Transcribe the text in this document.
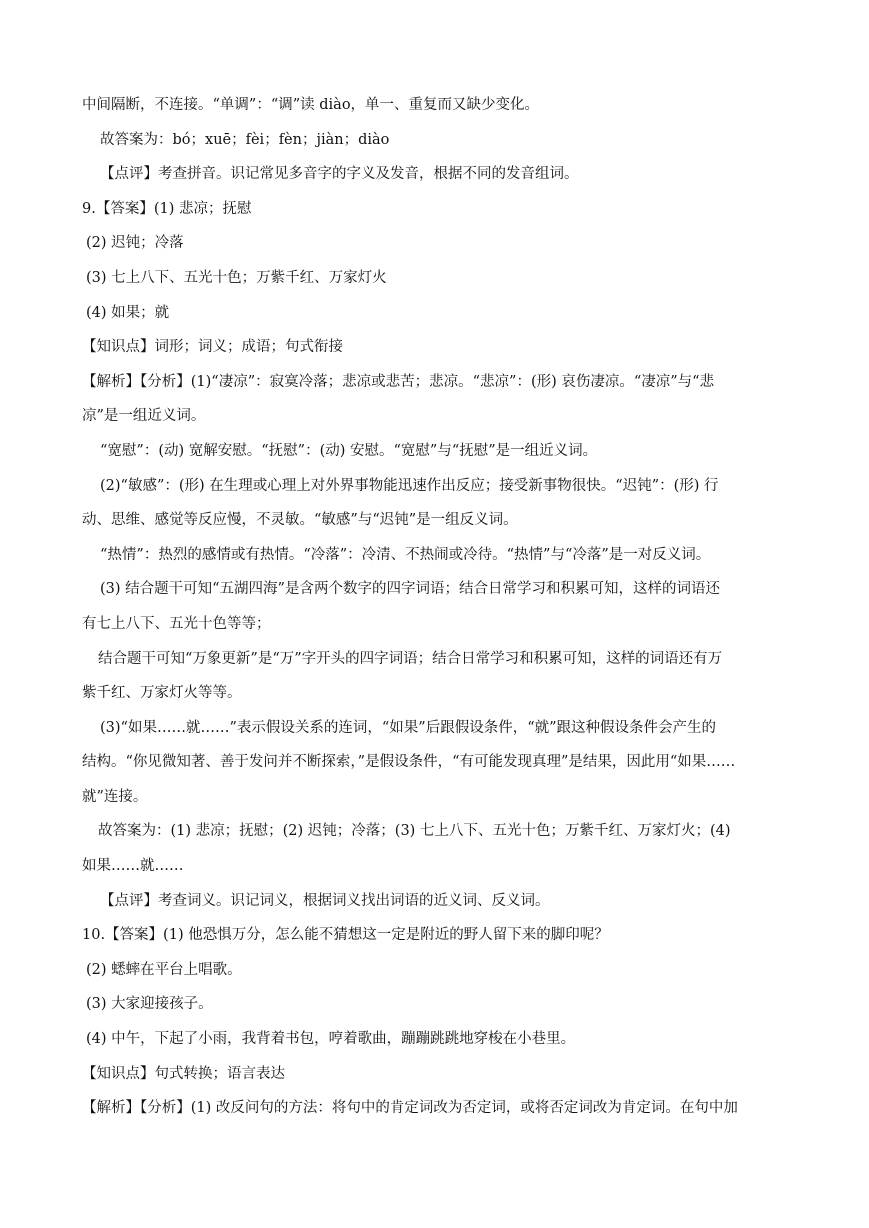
中间隔断，不连接。“单调”：“调”读 diào，单一、重复而又缺少变化。
故答案为：bó；xuē；fèi；fèn；jiàn；diào
【点评】考查拼音。识记常见多音字的字义及发音，根据不同的发音组词。
9.【答案】(1) 悲凉；抚慰
(2) 迟钝；冷落
(3) 七上八下、五光十色；万紫千红、万家灯火
(4) 如果；就
【知识点】词形；词义；成语；句式衔接
【解析】【分析】(1)“凄凉”：寂寞冷落；悲凉或悲苦；悲凉。“悲凉”：(形) 哀伤凄凉。“凄凉”与“悲
凉”是一组近义词。
“宽慰”：(动) 宽解安慰。“抚慰”：(动) 安慰。“宽慰”与“抚慰”是一组近义词。
(2)“敏感”：(形) 在生理或心理上对外界事物能迅速作出反应；接受新事物很快。“迟钝”：(形) 行
动、思维、感觉等反应慢，不灵敏。“敏感”与“迟钝”是一组反义词。
“热情”：热烈的感情或有热情。“冷落”：冷清、不热闹或冷待。“热情”与“冷落”是一对反义词。
(3) 结合题干可知“五湖四海”是含两个数字的四字词语；结合日常学习和积累可知，这样的词语还
有七上八下、五光十色等等；
结合题干可知“万象更新”是“万”字开头的四字词语；结合日常学习和积累可知，这样的词语还有万
紫千红、万家灯火等等。
(3)“如果……就……”表示假设关系的连词，“如果”后跟假设条件，“就”跟这种假设条件会产生的
结构。“你见微知著、善于发问并不断探索，”是假设条件，“有可能发现真理”是结果，因此用“如果……
就”连接。
故答案为：(1) 悲凉；抚慰；(2) 迟钝；冷落；(3) 七上八下、五光十色；万紫千红、万家灯火；(4)
如果……就……
【点评】考查词义。识记词义，根据词义找出词语的近义词、反义词。
10.【答案】(1) 他恐惧万分，怎么能不猜想这一定是附近的野人留下来的脚印呢？
(2) 蟋蟀在平台上唱歌。
(3) 大家迎接孩子。
(4) 中午，下起了小雨，我背着书包，哼着歌曲，蹦蹦跳跳地穿梭在小巷里。
【知识点】句式转换；语言表达
【解析】【分析】(1) 改反问句的方法：将句中的肯定词改为否定词，或将否定词改为肯定词。在句中加
